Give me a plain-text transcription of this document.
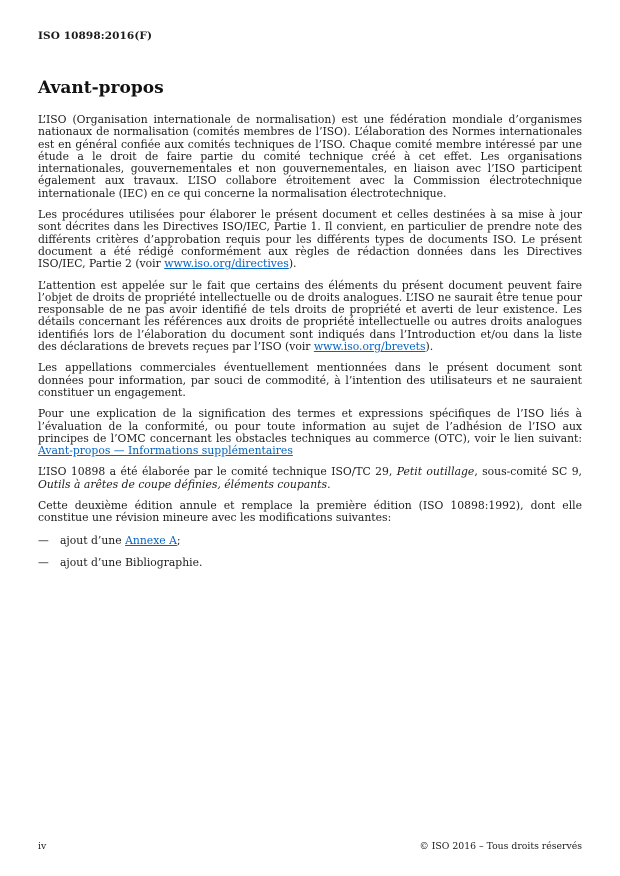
ISO 10898:2016(F)
Avant-propos

L’ISO (Organisation internationale de normalisation) est une fédération mondiale d’organismes nationaux de normalisation (comités membres de l’ISO). L’élaboration des Normes internationales est en général confiée aux comités techniques de l’ISO. Chaque comité membre intéressé par une étude a le droit de faire partie du comité technique créé à cet effet. Les organisations internationales, gouvernementales et non gouvernementales, en liaison avec l’ISO participent également aux travaux. L’ISO collabore étroitement avec la Commission électrotechnique internationale (IEC) en ce qui concerne la normalisation électrotechnique.

Les procédures utilisées pour élaborer le présent document et celles destinées à sa mise à jour sont décrites dans les Directives ISO/IEC, Partie 1. Il convient, en particulier de prendre note des différents critères d’approbation requis pour les différents types de documents ISO. Le présent document a été rédigé conformément aux règles de rédaction données dans les Directives ISO/IEC, Partie 2 (voir www.iso.org/directives).

L’attention est appelée sur le fait que certains des éléments du présent document peuvent faire l’objet de droits de propriété intellectuelle ou de droits analogues. L’ISO ne saurait être tenue pour responsable de ne pas avoir identifié de tels droits de propriété et averti de leur existence. Les détails concernant les références aux droits de propriété intellectuelle ou autres droits analogues identifiés lors de l’élaboration du document sont indiqués dans l’Introduction et/ou dans la liste des déclarations de brevets reçues par l’ISO (voir www.iso.org/brevets).

Les appellations commerciales éventuellement mentionnées dans le présent document sont données pour information, par souci de commodité, à l’intention des utilisateurs et ne sauraient constituer un engagement.

Pour une explication de la signification des termes et expressions spécifiques de l’ISO liés à l’évaluation de la conformité, ou pour toute information au sujet de l’adhésion de l’ISO aux principes de l’OMC concernant les obstacles techniques au commerce (OTC), voir le lien suivant: Avant-propos — Informations supplémentaires

L’ISO 10898 a été élaborée par le comité technique ISO/TC 29, Petit outillage, sous-comité SC 9, Outils à arêtes de coupe définies, éléments coupants.

Cette deuxième édition annule et remplace la première édition (ISO 10898:1992), dont elle constitue une révision mineure avec les modifications suivantes:

—	ajout d’une Annexe A;
—	ajout d’une Bibliographie.
iv	© ISO 2016 – Tous droits réservés
